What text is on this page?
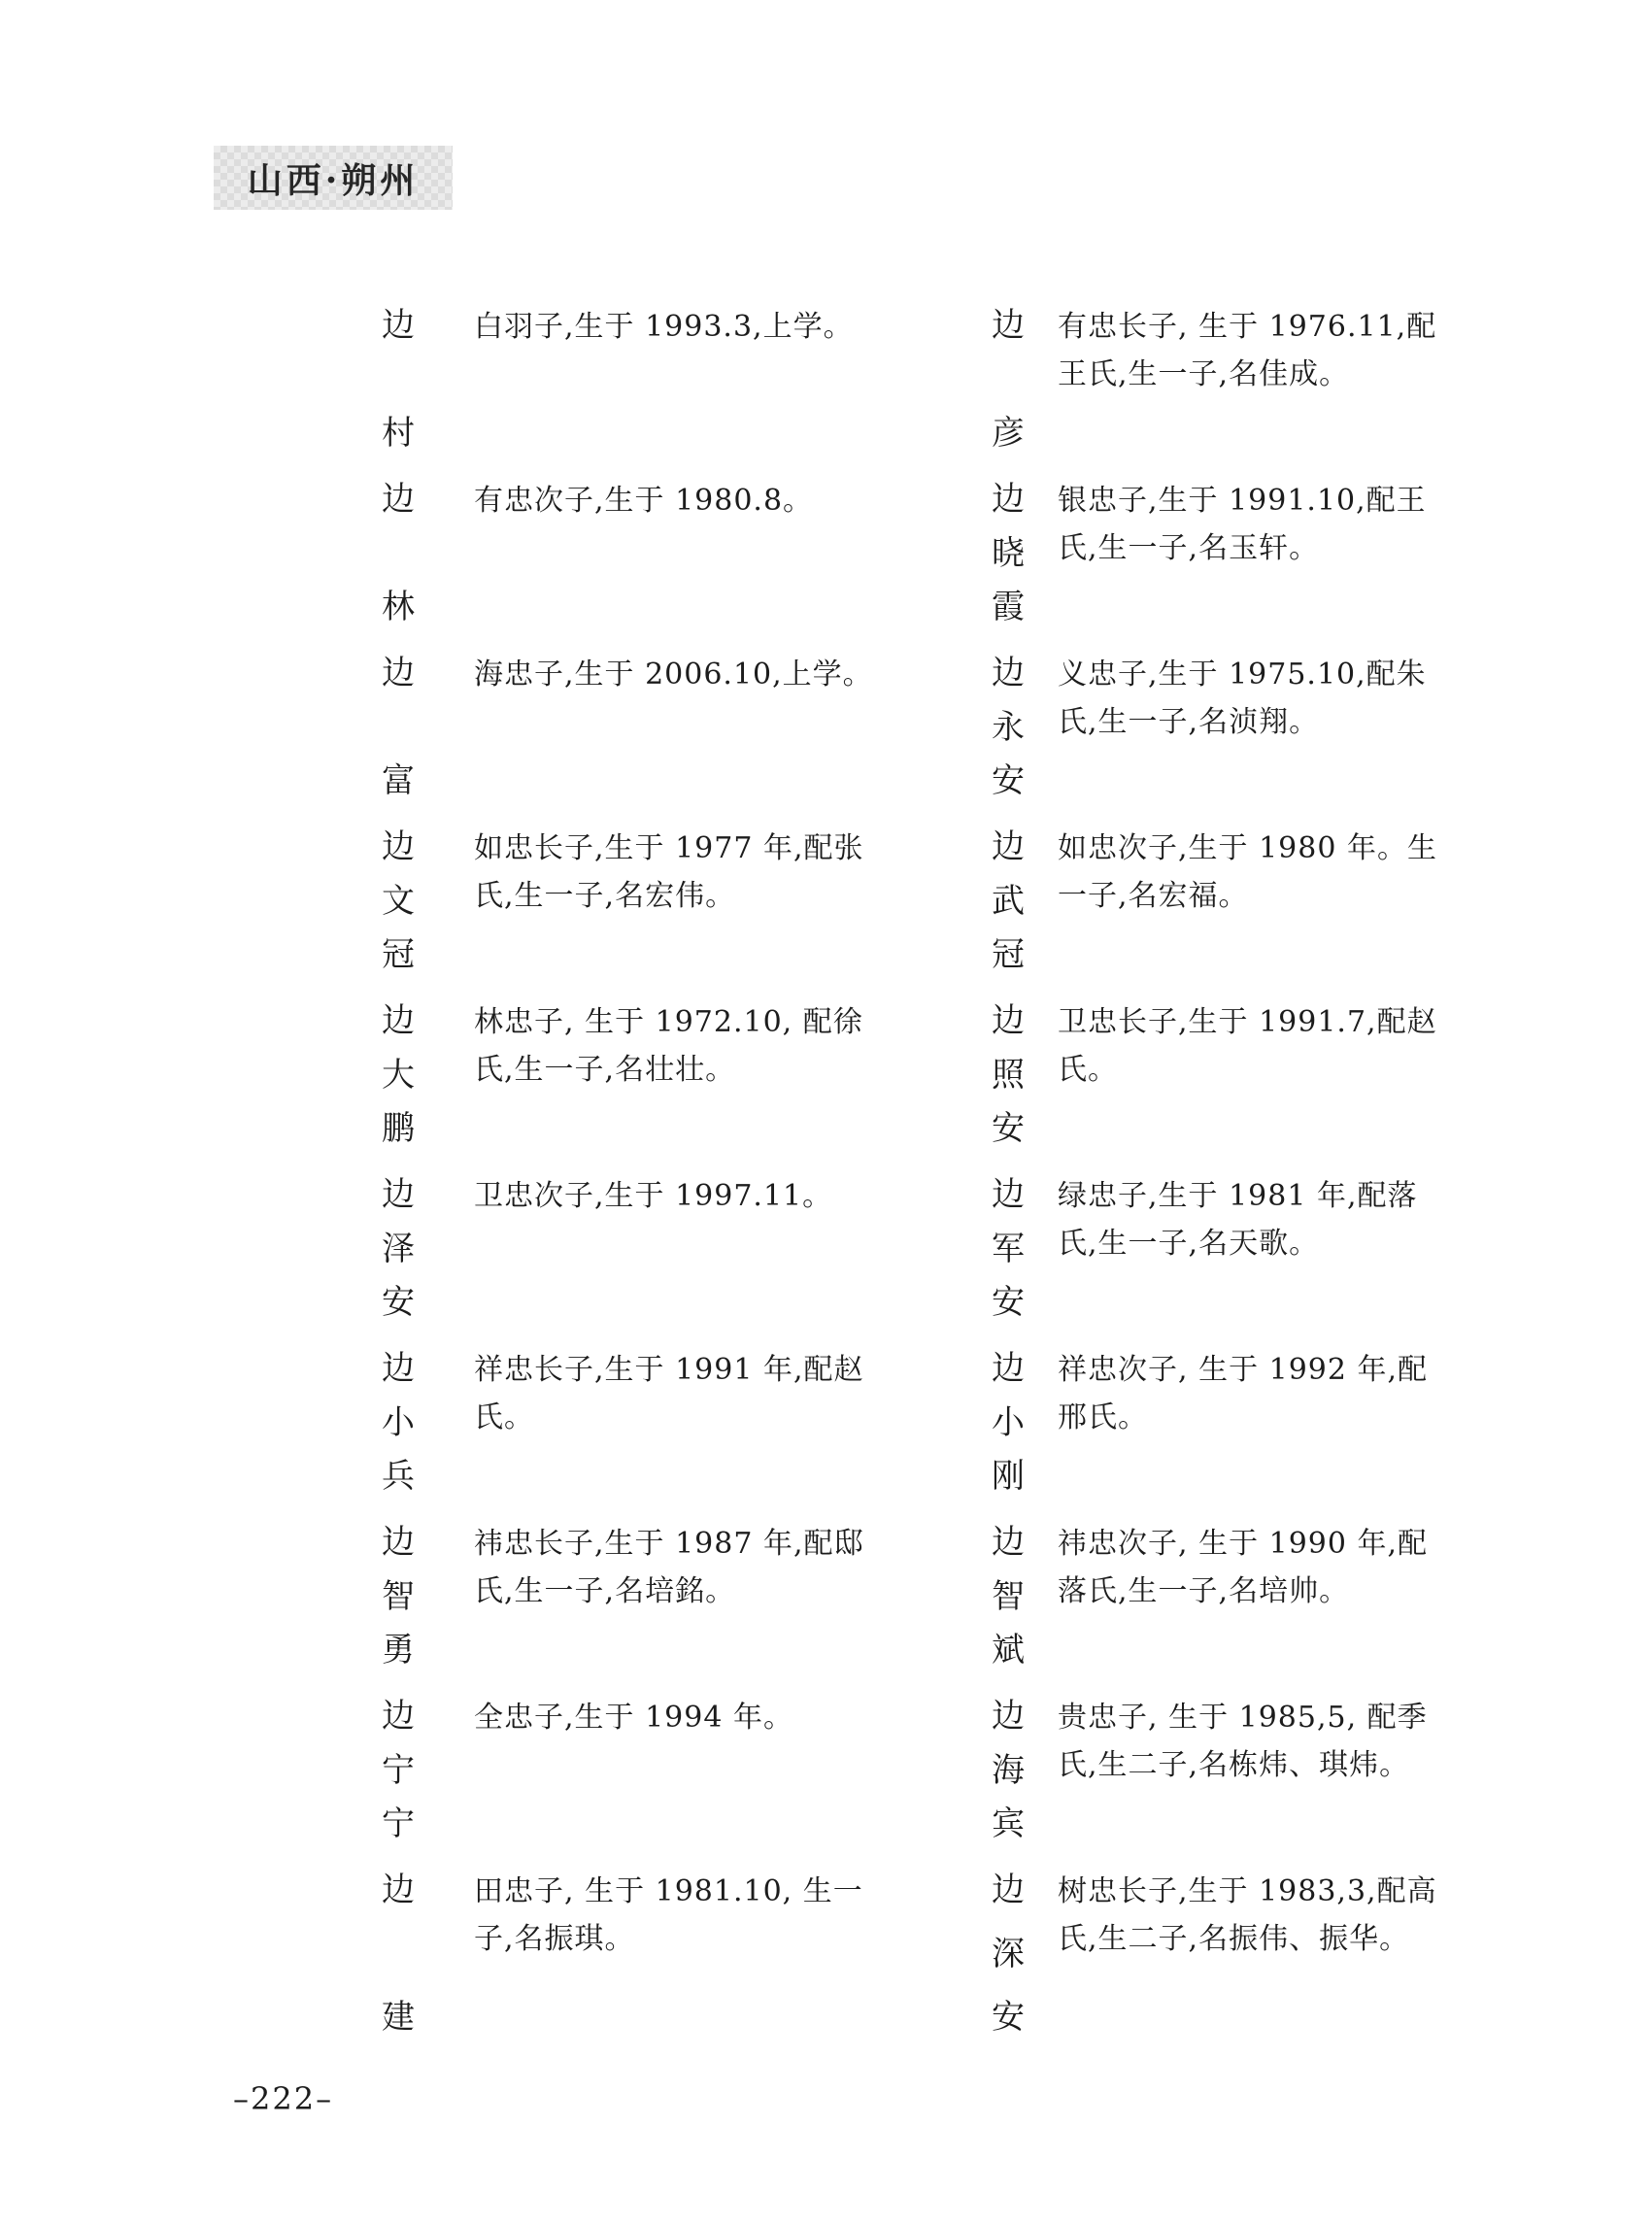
山西·朔州
边
村
白羽子,生于 1993.3,上学。
边
林
有忠次子,生于 1980.8。
边
富
海忠子,生于 2006.10,上学。
边
文
冠
如忠长子,生于 1977 年,配张
氏,生一子,名宏伟。
边
大
鹏
林忠子, 生于 1972.10, 配徐
氏,生一子,名壮壮。
边
泽
安
卫忠次子,生于 1997.11。
边
小
兵
祥忠长子,生于 1991 年,配赵
氏。
边
智
勇
祎忠长子,生于 1987 年,配邸
氏,生一子,名培銘。
边
宁
宁
全忠子,生于 1994 年。
边
建
田忠子, 生于 1981.10, 生一
子,名振琪。
边
彦
有忠长子, 生于 1976.11,配
王氏,生一子,名佳成。
边
晓
霞
银忠子,生于 1991.10,配王
氏,生一子,名玉轩。
边
永
安
义忠子,生于 1975.10,配朱
氏,生一子,名浈翔。
边
武
冠
如忠次子,生于 1980 年。生
一子,名宏福。
边
照
安
卫忠长子,生于 1991.7,配赵
氏。
边
军
安
绿忠子,生于 1981 年,配落
氏,生一子,名天歌。
边
小
刚
祥忠次子, 生于 1992 年,配
邢氏。
边
智
斌
祎忠次子, 生于 1990 年,配
落氏,生一子,名培帅。
边
海
宾
贵忠子, 生于 1985,5, 配季
氏,生二子,名栋炜、琪炜。
边
深
安
树忠长子,生于 1983,3,配高
氏,生二子,名振伟、振华。
–222–
